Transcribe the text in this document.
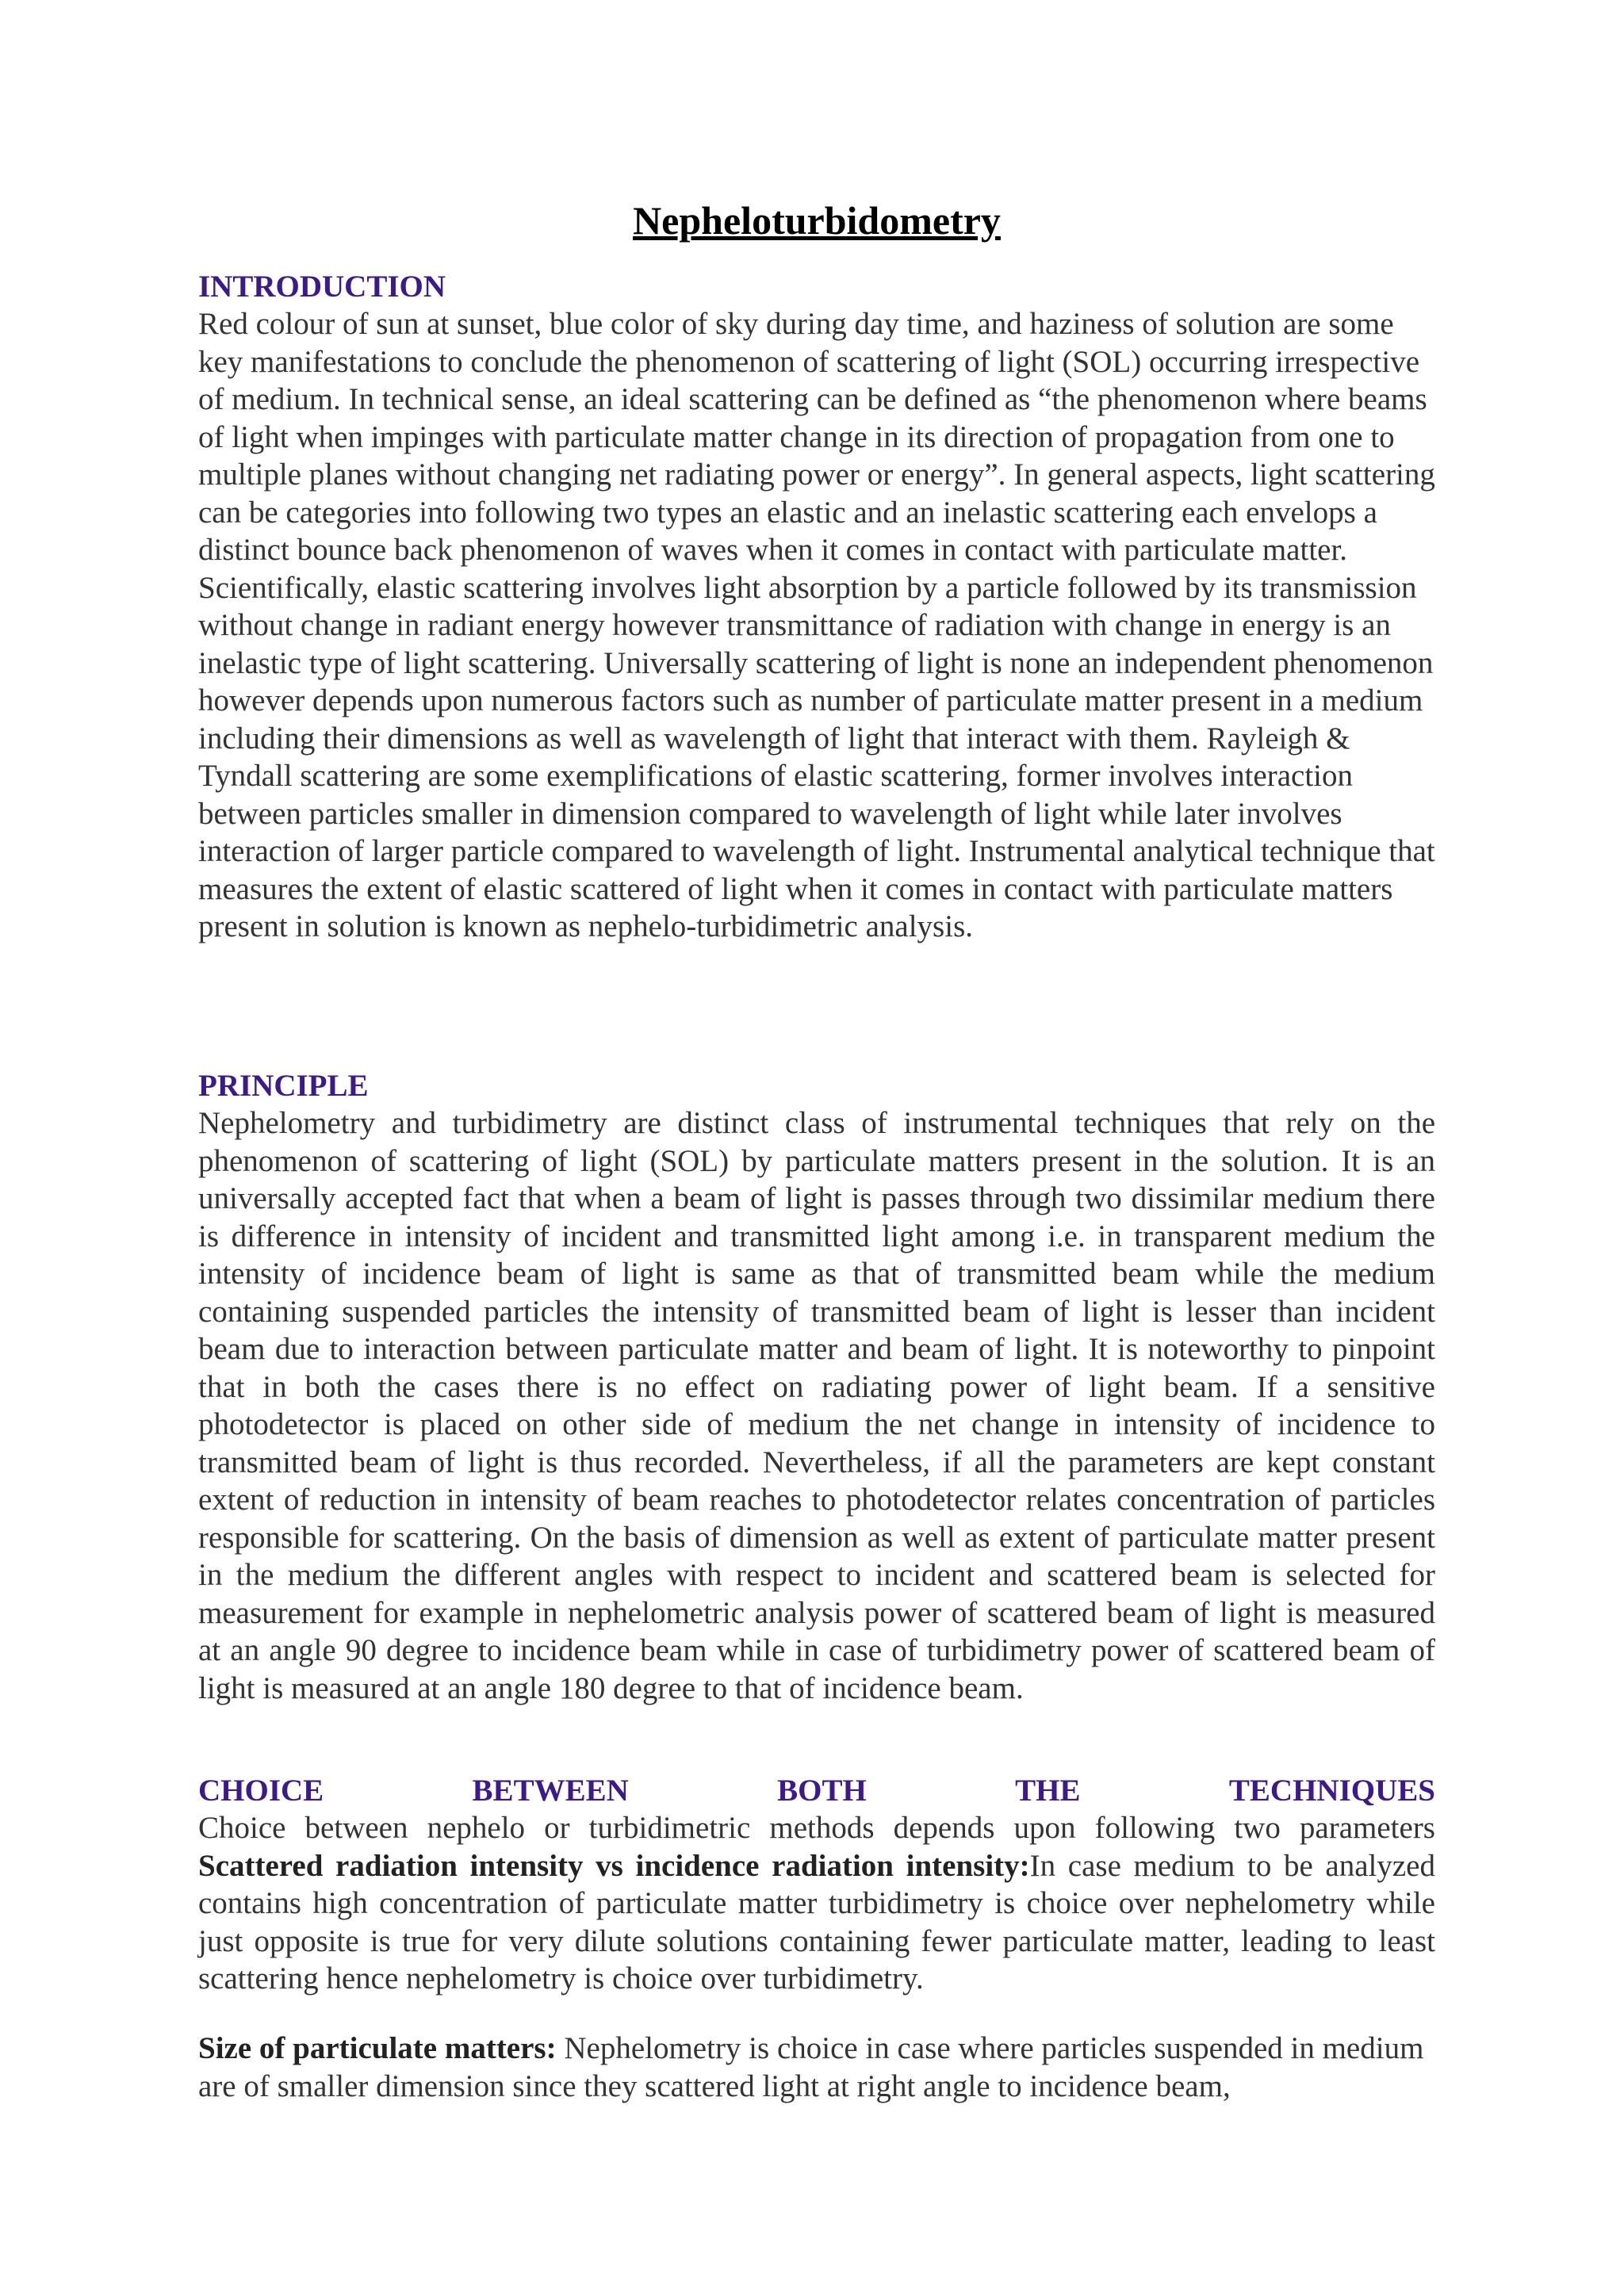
Nepheloturbidometry
INTRODUCTION

Red colour of sun at sunset, blue color of sky during day time, and haziness of solution are some key manifestations to conclude the phenomenon of scattering of light (SOL) occurring irrespective of medium. In technical sense, an ideal scattering can be defined as “the phenomenon where beams of light when impinges with particulate matter change in its direction of propagation from one to multiple planes without changing net radiating power or energy”. In general aspects, light scattering can be categories into following two types an elastic and an inelastic scattering each envelops a distinct bounce back phenomenon of waves when it comes in contact with particulate matter. Scientifically, elastic scattering involves light absorption by a particle followed by its transmission without change in radiant energy however transmittance of radiation with change in energy is an inelastic type of light scattering. Universally scattering of light is none an independent phenomenon however depends upon numerous factors such as number of particulate matter present in a medium including their dimensions as well as wavelength of light that interact with them. Rayleigh & Tyndall scattering are some exemplifications of elastic scattering, former involves interaction between particles smaller in dimension compared to wavelength of light while later involves interaction of larger particle compared to wavelength of light. Instrumental analytical technique that measures the extent of elastic scattered of light when it comes in contact with particulate matters present in solution is known as nephelo-turbidimetric analysis.

PRINCIPLE

Nephelometry and turbidimetry are distinct class of instrumental techniques that rely on the phenomenon of scattering of light (SOL) by particulate matters present in the solution. It is an universally accepted fact that when a beam of light is passes through two dissimilar medium there is difference in intensity of incident and transmitted light among i.e. in transparent medium the intensity of incidence beam of light is same as that of transmitted beam while the medium containing suspended particles the intensity of transmitted beam of light is lesser than incident beam due to interaction between particulate matter and beam of light. It is noteworthy to pinpoint that in both the cases there is no effect on radiating power of light beam. If a sensitive photodetector is placed on other side of medium the net change in intensity of incidence to transmitted beam of light is thus recorded. Nevertheless, if all the parameters are kept constant extent of reduction in intensity of beam reaches to photodetector relates concentration of particles responsible for scattering. On the basis of dimension as well as extent of particulate matter present in the medium the different angles with respect to incident and scattered beam is selected for measurement for example in nephelometric analysis power of scattered beam of light is measured at an angle 90 degree to incidence beam while in case of turbidimetry power of scattered beam of light is measured at an angle 180 degree to that of incidence beam.

CHOICE	BETWEEN	BOTH	THE	TECHNIQUES

Choice between nephelo or turbidimetric methods depends upon following two parameters Scattered radiation intensity vs incidence radiation intensity:In case medium to be analyzed contains high concentration of particulate matter turbidimetry is choice over nephelometry while just opposite is true for very dilute solutions containing fewer particulate matter, leading to least scattering hence nephelometry is choice over turbidimetry.

Size of particulate matters: Nephelometry is choice in case where particles suspended in medium are of smaller dimension since they scattered light at right angle to incidence beam,
